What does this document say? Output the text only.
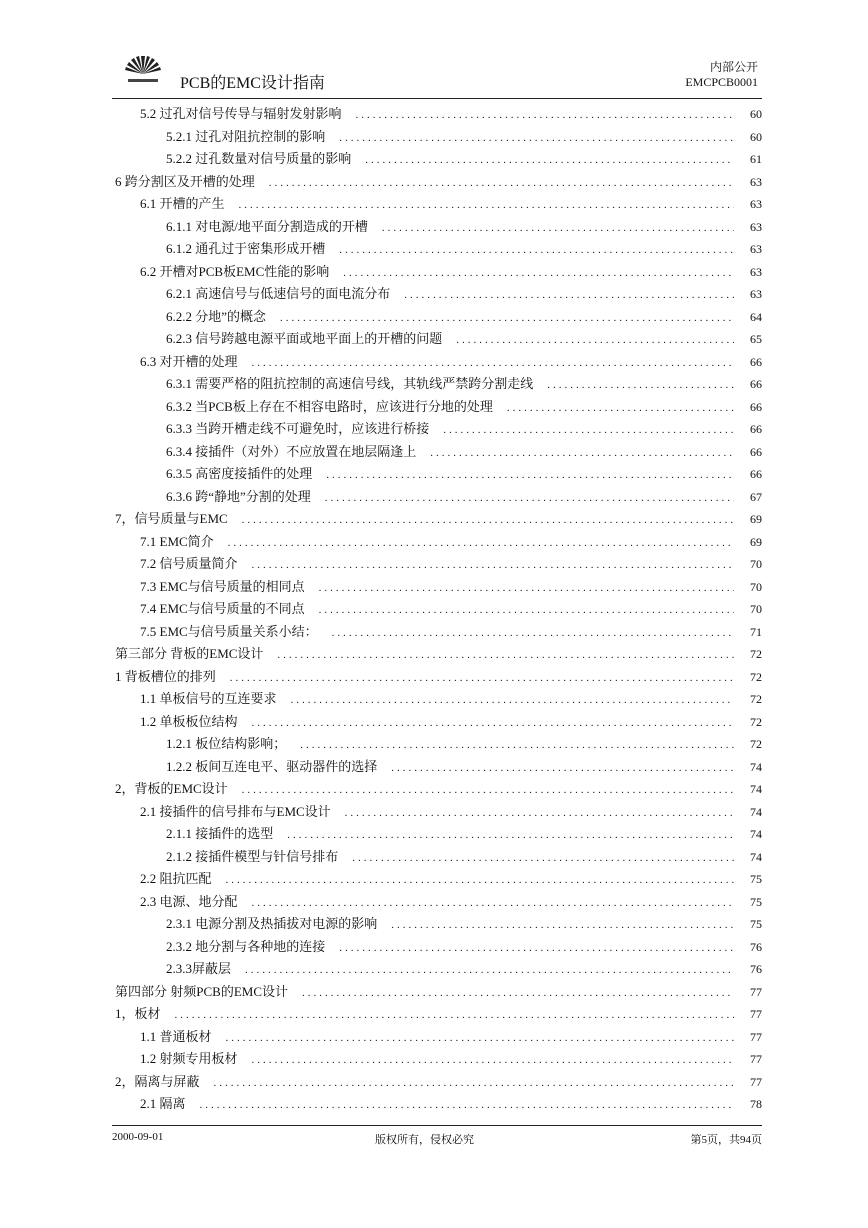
PCB的EMC设计指南
内部公开
EMCPCB0001
5.2 过孔对信号传导与辐射发射影响 .....	60
5.2.1 过孔对阻抗控制的影响 .....	60
5.2.2 过孔数量对信号质量的影响 .....	61
6 跨分割区及开槽的处理 .....	63
6.1 开槽的产生 .....	63
6.1.1 对电源/地平面分割造成的开槽 .....	63
6.1.2 通孔过于密集形成开槽 .....	63
6.2 开槽对PCB板EMC性能的影响 .....	63
6.2.1 高速信号与低速信号的面电流分布 .....	63
6.2.2 分地”的概念 .....	64
6.2.3 信号跨越电源平面或地平面上的开槽的问题 .....	65
6.3 对开槽的处理 .....	66
6.3.1 需要严格的阻抗控制的高速信号线，其轨线严禁跨分割走线 .....	66
6.3.2 当PCB板上存在不相容电路时，应该进行分地的处理 .....	66
6.3.3 当跨开槽走线不可避免时，应该进行桥接 .....	66
6.3.4 接插件（对外）不应放置在地层隔逢上 .....	66
6.3.5 高密度接插件的处理 .....	66
6.3.6 跨“静地”分割的处理 .....	67
7，信号质量与EMC .....	69
7.1 EMC简介 .....	69
7.2 信号质量简介 .....	70
7.3 EMC与信号质量的相同点 .....	70
7.4 EMC与信号质量的不同点 .....	70
7.5 EMC与信号质量关系小结： .....	71
第三部分 背板的EMC设计 .....	72
1 背板槽位的排列 .....	72
1.1 单板信号的互连要求 .....	72
1.2 单板板位结构 .....	72
1.2.1 板位结构影响； .....	72
1.2.2 板间互连电平、驱动器件的选择 .....	74
2，背板的EMC设计 .....	74
2.1 接插件的信号排布与EMC设计 .....	74
2.1.1 接插件的选型 .....	74
2.1.2 接插件模型与针信号排布 .....	74
2.2 阻抗匹配 .....	75
2.3 电源、地分配 .....	75
2.3.1 电源分割及热插拔对电源的影响 .....	75
2.3.2 地分割与各种地的连接 .....	76
2.3.3屏蔽层 .....	76
第四部分 射频PCB的EMC设计 .....	77
1，板材 .....	77
1.1 普通板材 .....	77
1.2 射频专用板材 .....	77
2，隔离与屏蔽 .....	77
2.1 隔离 .....	78
2000-09-01	版权所有，侵权必究	第5页，共94页
